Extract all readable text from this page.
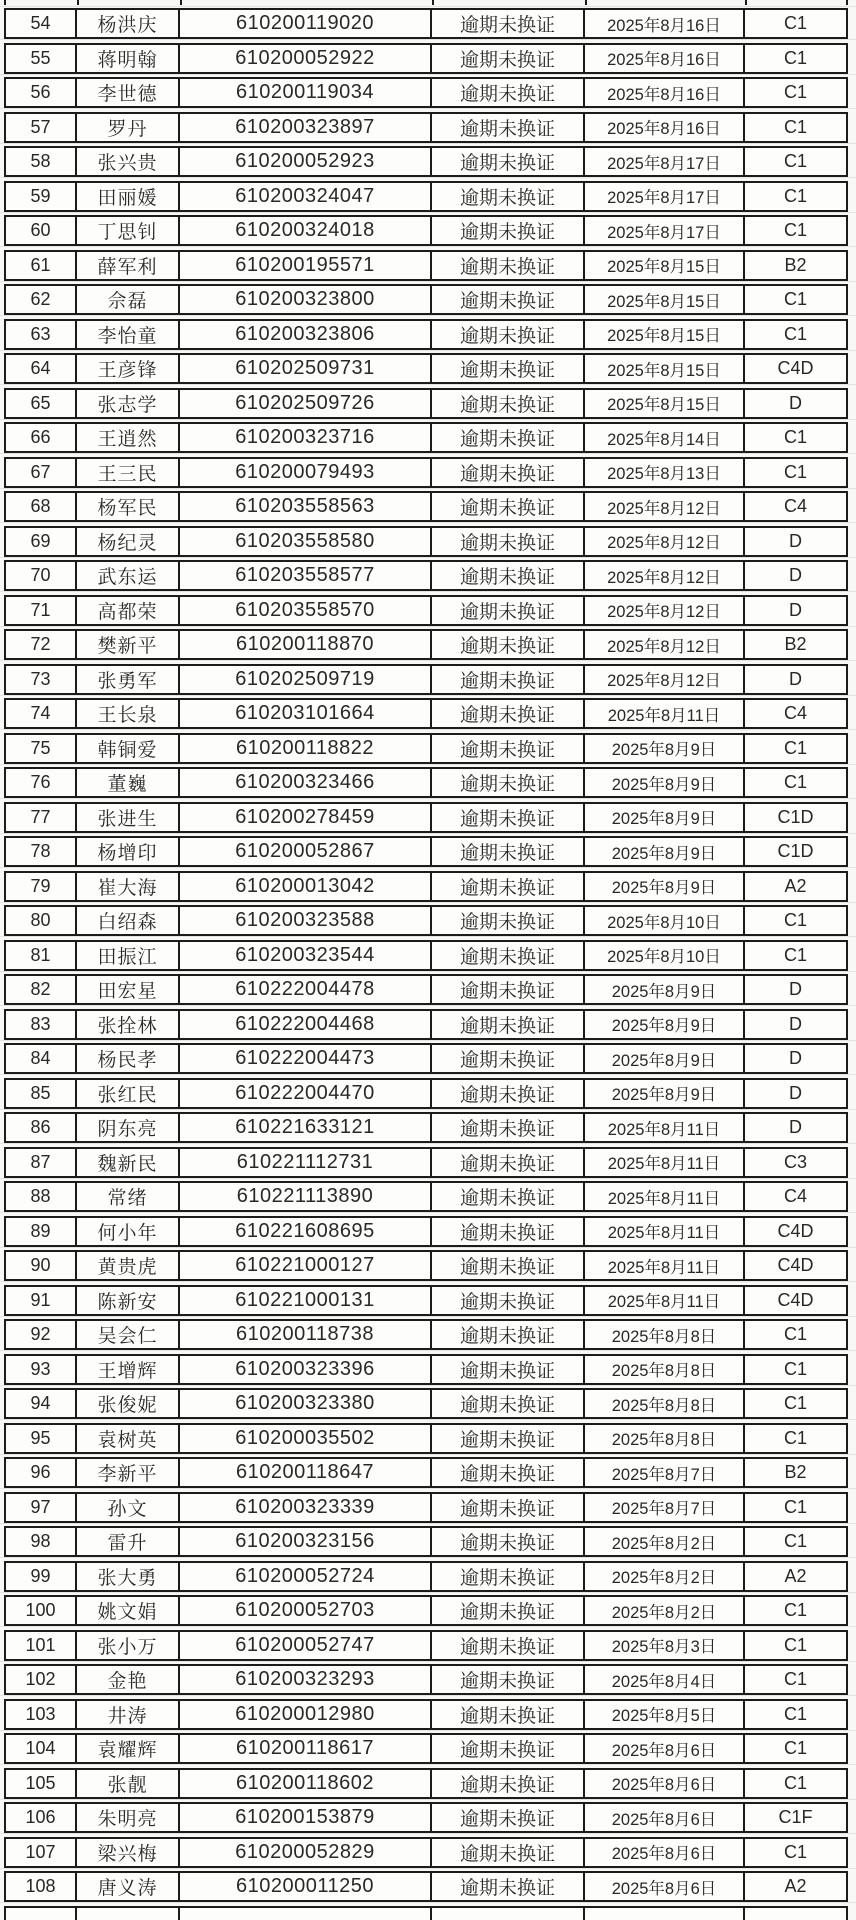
54	杨洪庆	610200119020	逾期未换证	2025年8月16日	C1
55	蒋明翰	610200052922	逾期未换证	2025年8月16日	C1
56	李世德	610200119034	逾期未换证	2025年8月16日	C1
57	罗丹	610200323897	逾期未换证	2025年8月16日	C1
58	张兴贵	610200052923	逾期未换证	2025年8月17日	C1
59	田丽媛	610200324047	逾期未换证	2025年8月17日	C1
60	丁思钊	610200324018	逾期未换证	2025年8月17日	C1
61	薛军利	610200195571	逾期未换证	2025年8月15日	B2
62	佘磊	610200323800	逾期未换证	2025年8月15日	C1
63	李怡童	610200323806	逾期未换证	2025年8月15日	C1
64	王彦锋	610202509731	逾期未换证	2025年8月15日	C4D
65	张志学	610202509726	逾期未换证	2025年8月15日	D
66	王逍然	610200323716	逾期未换证	2025年8月14日	C1
67	王三民	610200079493	逾期未换证	2025年8月13日	C1
68	杨军民	610203558563	逾期未换证	2025年8月12日	C4
69	杨纪灵	610203558580	逾期未换证	2025年8月12日	D
70	武东运	610203558577	逾期未换证	2025年8月12日	D
71	高都荣	610203558570	逾期未换证	2025年8月12日	D
72	樊新平	610200118870	逾期未换证	2025年8月12日	B2
73	张勇军	610202509719	逾期未换证	2025年8月12日	D
74	王长泉	610203101664	逾期未换证	2025年8月11日	C4
75	韩铜爱	610200118822	逾期未换证	2025年8月9日	C1
76	董巍	610200323466	逾期未换证	2025年8月9日	C1
77	张进生	610200278459	逾期未换证	2025年8月9日	C1D
78	杨增印	610200052867	逾期未换证	2025年8月9日	C1D
79	崔大海	610200013042	逾期未换证	2025年8月9日	A2
80	白绍森	610200323588	逾期未换证	2025年8月10日	C1
81	田振江	610200323544	逾期未换证	2025年8月10日	C1
82	田宏星	610222004478	逾期未换证	2025年8月9日	D
83	张拴林	610222004468	逾期未换证	2025年8月9日	D
84	杨民孝	610222004473	逾期未换证	2025年8月9日	D
85	张红民	610222004470	逾期未换证	2025年8月9日	D
86	阴东亮	610221633121	逾期未换证	2025年8月11日	D
87	魏新民	610221112731	逾期未换证	2025年8月11日	C3
88	常绪	610221113890	逾期未换证	2025年8月11日	C4
89	何小年	610221608695	逾期未换证	2025年8月11日	C4D
90	黄贵虎	610221000127	逾期未换证	2025年8月11日	C4D
91	陈新安	610221000131	逾期未换证	2025年8月11日	C4D
92	吴会仁	610200118738	逾期未换证	2025年8月8日	C1
93	王增辉	610200323396	逾期未换证	2025年8月8日	C1
94	张俊妮	610200323380	逾期未换证	2025年8月8日	C1
95	袁树英	610200035502	逾期未换证	2025年8月8日	C1
96	李新平	610200118647	逾期未换证	2025年8月7日	B2
97	孙文	610200323339	逾期未换证	2025年8月7日	C1
98	雷升	610200323156	逾期未换证	2025年8月2日	C1
99	张大勇	610200052724	逾期未换证	2025年8月2日	A2
100	姚文娟	610200052703	逾期未换证	2025年8月2日	C1
101	张小万	610200052747	逾期未换证	2025年8月3日	C1
102	金艳	610200323293	逾期未换证	2025年8月4日	C1
103	井涛	610200012980	逾期未换证	2025年8月5日	C1
104	袁耀辉	610200118617	逾期未换证	2025年8月6日	C1
105	张靓	610200118602	逾期未换证	2025年8月6日	C1
106	朱明亮	610200153879	逾期未换证	2025年8月6日	C1F
107	梁兴梅	610200052829	逾期未换证	2025年8月6日	C1
108	唐义涛	610200011250	逾期未换证	2025年8月6日	A2
